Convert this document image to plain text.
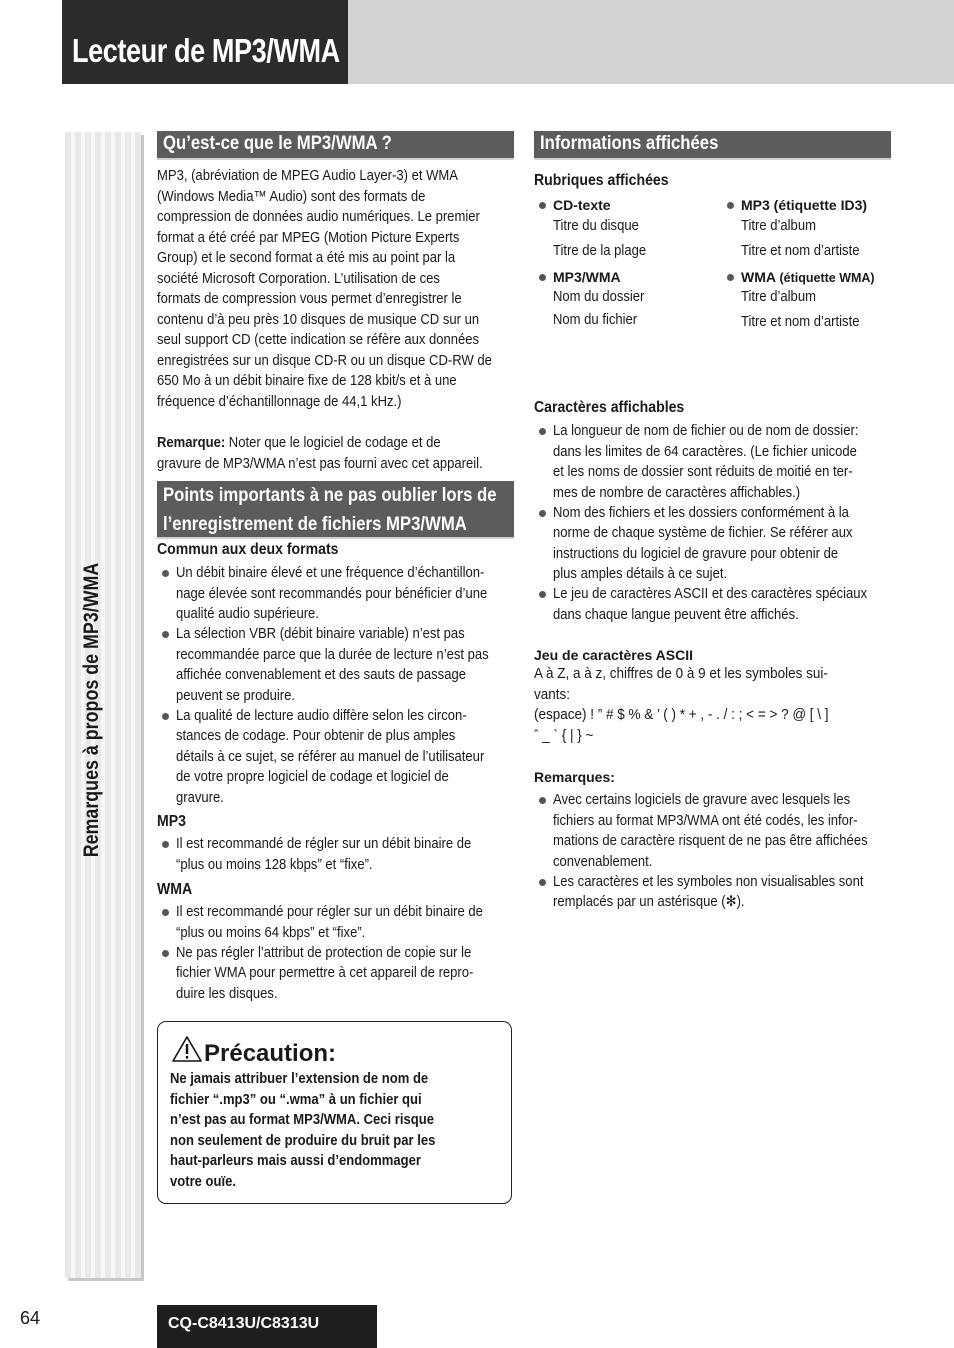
Lecteur de MP3/WMA
Remarques à propos de MP3/WMA
Qu’est-ce que le MP3/WMA ?
MP3, (abréviation de MPEG Audio Layer-3) et WMA
(Windows Media™ Audio) sont des formats de
compression de données audio numériques. Le premier
format a été créé par MPEG (Motion Picture Experts
Group) et le second format a été mis au point par la
société Microsoft Corporation. L’utilisation de ces
formats de compression vous permet d’enregistrer le
contenu d’à peu près 10 disques de musique CD sur un
seul support CD (cette indication se réfère aux données
enregistrées sur un disque CD-R ou un disque CD-RW de
650 Mo à un débit binaire fixe de 128 kbit/s et à une
fréquence d’échantillonnage de 44,1 kHz.)
Remarque: Noter que le logiciel de codage et de
gravure de MP3/WMA n’est pas fourni avec cet appareil.
Points importants à ne pas oublier lors de
l’enregistrement de fichiers MP3/WMA
Commun aux deux formats
Un débit binaire élevé et une fréquence d’échantillon-
nage élevée sont recommandés pour bénéficier d’une
qualité audio supérieure.
La sélection VBR (débit binaire variable) n’est pas
recommandée parce que la durée de lecture n’est pas
affichée convenablement et des sauts de passage
peuvent se produire.
La qualité de lecture audio diffère selon les circon-
stances de codage. Pour obtenir de plus amples
détails à ce sujet, se référer au manuel de l’utilisateur
de votre propre logiciel de codage et logiciel de
gravure.
MP3
Il est recommandé de régler sur un débit binaire de
“plus ou moins 128 kbps” et “fixe”.
WMA
Il est recommandé pour régler sur un débit binaire de
“plus ou moins 64 kbps” et “fixe”.
Ne pas régler l’attribut de protection de copie sur le
fichier WMA pour permettre à cet appareil de repro-
duire les disques.
Précaution:
Ne jamais attribuer l’extension de nom de
fichier “.mp3” ou “.wma” à un fichier qui
n’est pas au format MP3/WMA. Ceci risque
non seulement de produire du bruit par les
haut-parleurs mais aussi d’endommager
votre ouïe.
Informations affichées
Rubriques affichées
CD-texte
Titre du disque
Titre de la plage
MP3/WMA
Nom du dossier
Nom du fichier
MP3 (étiquette ID3)
Titre d’album
Titre et nom d’artiste
WMA (étiquette WMA)
Titre d’album
Titre et nom d’artiste
Caractères affichables
La longueur de nom de fichier ou de nom de dossier:
dans les limites de 64 caractères. (Le fichier unicode
et les noms de dossier sont réduits de moitié en ter-
mes de nombre de caractères affichables.)
Nom des fichiers et les dossiers conformément à la
norme de chaque système de fichier. Se référer aux
instructions du logiciel de gravure pour obtenir de
plus amples détails à ce sujet.
Le jeu de caractères ASCII et des caractères spéciaux
dans chaque langue peuvent être affichés.
Jeu de caractères ASCII
A à Z, a à z, chiffres de 0 à 9 et les symboles sui-
vants:
(espace) ! ” # $ % & ’ ( ) * + , - . / : ; < = > ? @ [ \ ]
ˆ _ ` { | } ~
Remarques:
Avec certains logiciels de gravure avec lesquels les
fichiers au format MP3/WMA ont été codés, les infor-
mations de caractère risquent de ne pas être affichées
convenablement.
Les caractères et les symboles non visualisables sont
remplacés par un astérisque (✻).
64	CQ-C8413U/C8313U
